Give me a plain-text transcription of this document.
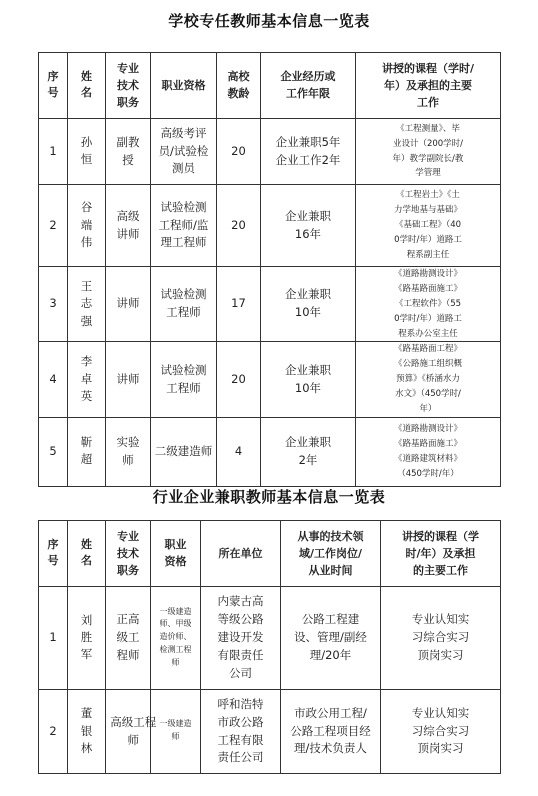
学校专任教师基本信息一览表
序号	姓名	专业技术职务	职业资格	高校教龄	企业经历或工作年限	讲授的课程（学时/年）及承担的主要工作
1	孙恒	副教授	高级考评员/试验检测员	20	企业兼职5年企业工作2年	《工程测量》、毕业设计（200学时/年）教学副院长/教学管理
2	谷端伟	高级讲师	试验检测工程师/监理工程师	20	企业兼职16年	《工程岩土》《土力学地基与基础》《基础工程》（400学时/年）道路工程系副主任
3	王志强	讲师	试验检测工程师	17	企业兼职10年	《道路勘测设计》《路基路面施工》《工程软件》（550学时/年）道路工程系办公室主任
4	李卓英	讲师	试验检测工程师	20	企业兼职10年	《路基路面工程》《公路施工组织概预算》《桥涵水力水文》（450学时/年）
5	靳超	实验师	二级建造师	4	企业兼职2年	《道路勘测设计》《路基路面施工》《道路建筑材料》（450学时/年）
行业企业兼职教师基本信息一览表
序号	姓名	专业技术职务	职业资格	所在单位	从事的技术领域/工作岗位/从业时间	讲授的课程（学时/年）及承担的主要工作
1	刘胜军	正高级工程师	一级建造师、甲级造价师、检测工程师	内蒙古高等级公路建设开发有限责任公司	公路工程建设、管理/副经理/20年	专业认知实习综合实习顶岗实习
2	董银林	高级工程师	一级建造师	呼和浩特市政公路工程有限责任公司	市政公用工程/公路工程项目经理/技术负责人	专业认知实习综合实习顶岗实习
